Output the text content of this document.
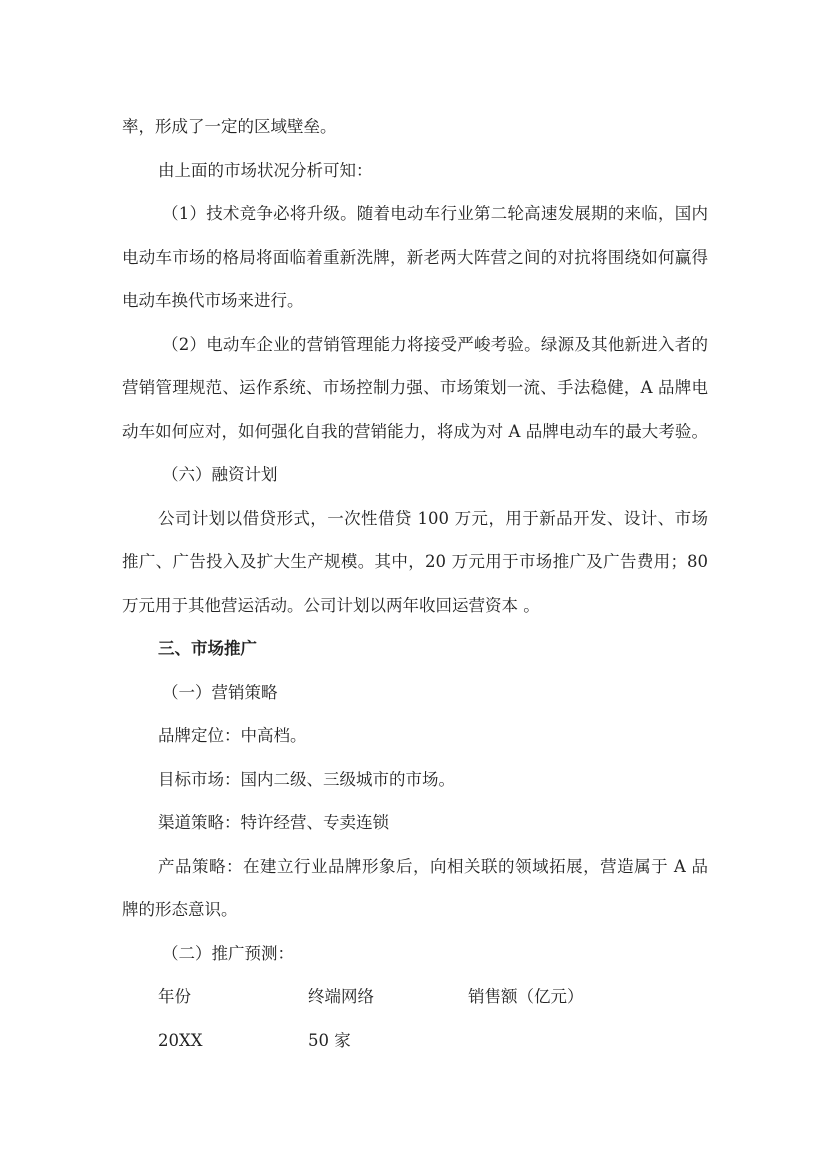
率，形成了一定的区域壁垒。
由上面的市场状况分析可知：
（1）技术竞争必将升级。随着电动车行业第二轮高速发展期的来临，国内
电动车市场的格局将面临着重新洗牌，新老两大阵营之间的对抗将围绕如何赢得
电动车换代市场来进行。
（2）电动车企业的营销管理能力将接受严峻考验。绿源及其他新进入者的
营销管理规范、运作系统、市场控制力强、市场策划一流、手法稳健，A 品牌电
动车如何应对，如何强化自我的营销能力，将成为对 A 品牌电动车的最大考验。
（六）融资计划
公司计划以借贷形式，一次性借贷 100 万元，用于新品开发、设计、市场
推广、广告投入及扩大生产规模。其中，20 万元用于市场推广及广告费用；80
万元用于其他营运活动。公司计划以两年收回运营资本 。
三、市场推广
（一）营销策略
品牌定位：中高档。
目标市场：国内二级、三级城市的市场。
渠道策略：特许经营、专卖连锁
产品策略：在建立行业品牌形象后，向相关联的领域拓展，营造属于 A 品
牌的形态意识。
（二）推广预测：
年份	终端网络	销售额（亿元）
20XX	50 家
